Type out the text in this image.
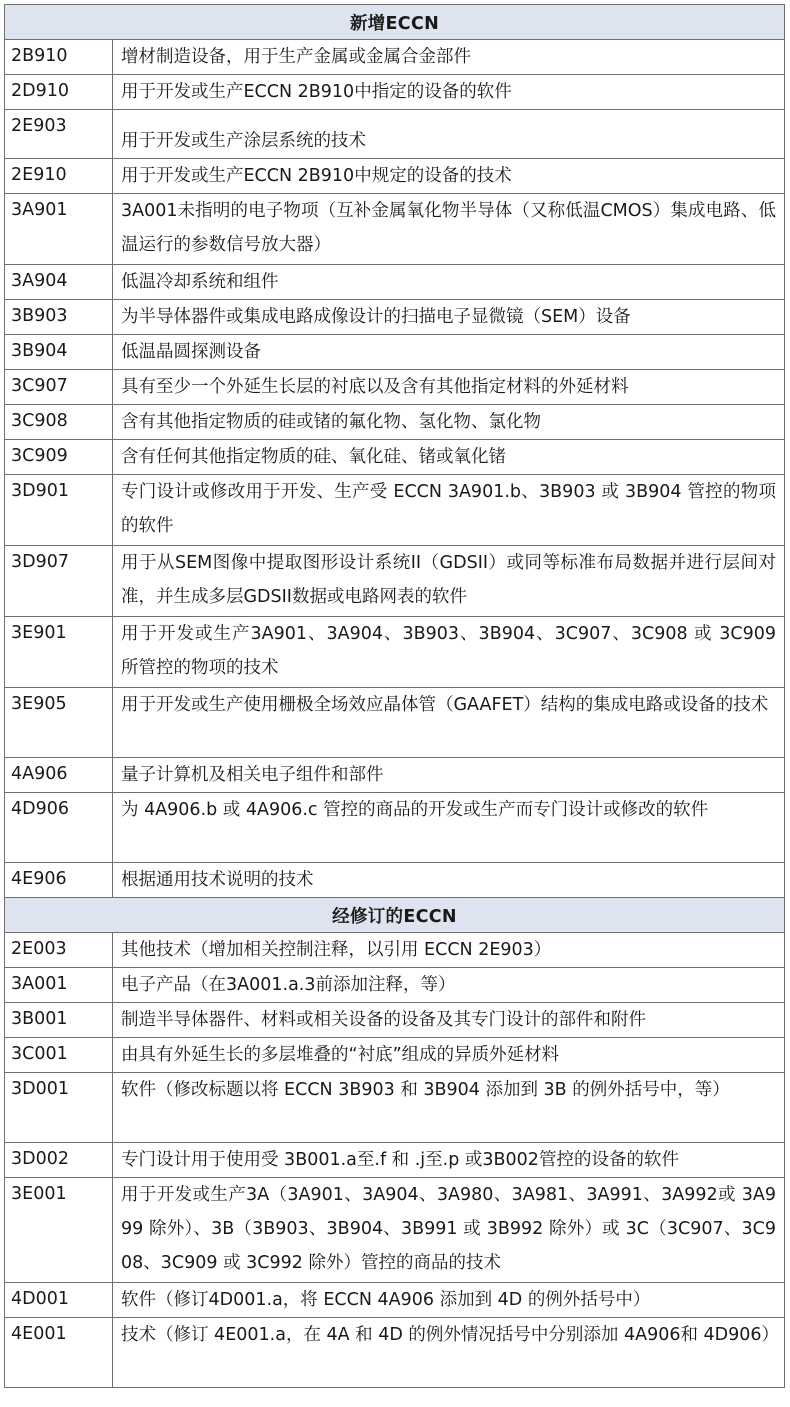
新增ECCN	
2B910	增材制造设备，用于生产金属或金属合金部件
2D910	用于开发或生产ECCN 2B910中指定的设备的软件
2E903	用于开发或生产涂层系统的技术
2E910	用于开发或生产ECCN 2B910中规定的设备的技术
3A901	3A001未指明的电子物项（互补金属氧化物半导体（又称低温CMOS）集成电路、低温运行的参数信号放大器）
3A904	低温冷却系统和组件
3B903	为半导体器件或集成电路成像设计的扫描电子显微镜（SEM）设备
3B904	低温晶圆探测设备
3C907	具有至少一个外延生长层的衬底以及含有其他指定材料的外延材料
3C908	含有其他指定物质的硅或锗的氟化物、氢化物、氯化物
3C909	含有任何其他指定物质的硅、氧化硅、锗或氧化锗
3D901	专门设计或修改用于开发、生产受 ECCN 3A901.b、3B903 或 3B904 管控的物项的软件
3D907	用于从SEM图像中提取图形设计系统II（GDSII）或同等标准布局数据并进行层间对准，并生成多层GDSII数据或电路网表的软件
3E901	用于开发或生产3A901、3A904、3B903、3B904、3C907、3C908 或 3C909 所管控的物项的技术
3E905	用于开发或生产使用栅极全场效应晶体管（GAAFET）结构的集成电路或设备的技术
4A906	量子计算机及相关电子组件和部件
4D906	为 4A906.b 或 4A906.c 管控的商品的开发或生产而专门设计或修改的软件
4E906	根据通用技术说明的技术
经修订的ECCN	
2E003	其他技术（增加相关控制注释，以引用 ECCN 2E903）
3A001	电子产品（在3A001.a.3前添加注释，等）
3B001	制造半导体器件、材料或相关设备的设备及其专门设计的部件和附件
3C001	由具有外延生长的多层堆叠的“衬底”组成的异质外延材料
3D001	软件（修改标题以将 ECCN 3B903 和 3B904 添加到 3B 的例外括号中，等）
3D002	专门设计用于使用受 3B001.a至.f 和 .j至.p 或3B002管控的设备的软件
3E001	用于开发或生产3A（3A901、3A904、3A980、3A981、3A991、3A992或 3A999 除外）、3B（3B903、3B904、3B991 或 3B992 除外）或 3C（3C907、3C908、3C909 或 3C992 除外）管控的商品的技术
4D001	软件（修订4D001.a，将 ECCN 4A906 添加到 4D 的例外括号中）
4E001	技术（修订 4E001.a，在 4A 和 4D 的例外情况括号中分别添加 4A906和 4D906）
